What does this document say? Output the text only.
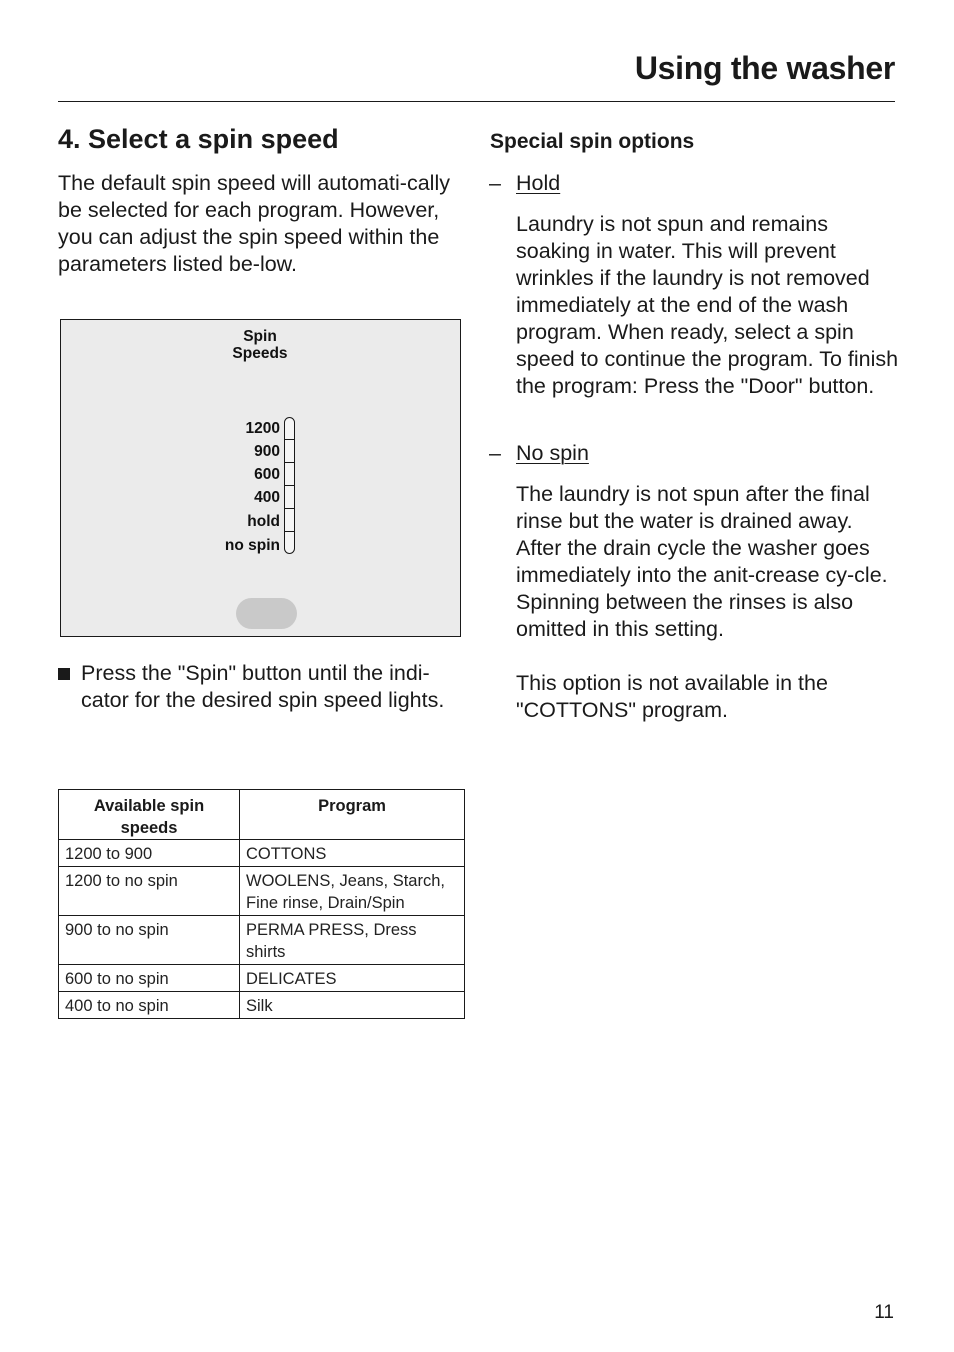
Using the washer
4. Select a spin speed
The default spin speed will automati-cally be selected for each program. However, you can adjust the spin speed within the parameters listed be-low.
Spin
Speeds
1200
900
600
400
hold
no spin
Press the "Spin" button until the indi-cator for the desired spin speed lights.
Available spin
speeds	Program
1200 to 900	COTTONS
1200 to no spin	WOOLENS, Jeans, Starch, Fine rinse, Drain/Spin
900 to no spin	PERMA PRESS, Dress shirts
600 to no spin	DELICATES
400 to no spin	Silk
Special spin options
– Hold
Laundry is not spun and remains soaking in water. This will prevent wrinkles if the laundry is not removed immediately at the end of the wash program. When ready, select a spin speed to continue the program. To finish the program: Press the "Door" button.
– No spin
The laundry is not spun after the final rinse but the water is drained away. After the drain cycle the washer goes immediately into the anit-crease cy-cle. Spinning between the rinses is also omitted in this setting.
This option is not available in the "COTTONS" program.
11
